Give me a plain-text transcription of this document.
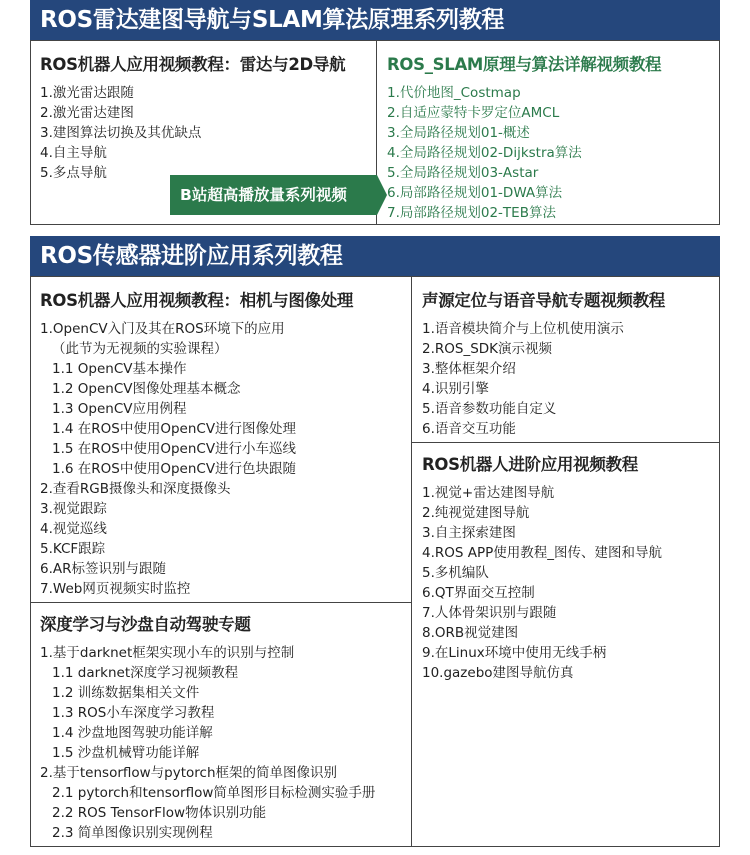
ROS雷达建图导航与SLAM算法原理系列教程
ROS机器人应用视频教程：雷达与2D导航
1.激光雷达跟随
2.激光雷达建图
3.建图算法切换及其优缺点
4.自主导航
5.多点导航
ROS_SLAM原理与算法详解视频教程
1.代价地图_Costmap
2.自适应蒙特卡罗定位AMCL
3.全局路径规划01-概述
4.全局路径规划02-Dijkstra算法
5.全局路径规划03-Astar
6.局部路径规划01-DWA算法
7.局部路径规划02-TEB算法
B站超高播放量系列视频
ROS传感器进阶应用系列教程
ROS机器人应用视频教程：相机与图像处理
1.OpenCV入门及其在ROS环境下的应用
（此节为无视频的实验课程）
1.1 OpenCV基本操作
1.2 OpenCV图像处理基本概念
1.3 OpenCV应用例程
1.4 在ROS中使用OpenCV进行图像处理
1.5 在ROS中使用OpenCV进行小车巡线
1.6 在ROS中使用OpenCV进行色块跟随
2.查看RGB摄像头和深度摄像头
3.视觉跟踪
4.视觉巡线
5.KCF跟踪
6.AR标签识别与跟随
7.Web网页视频实时监控
深度学习与沙盘自动驾驶专题
1.基于darknet框架实现小车的识别与控制
1.1 darknet深度学习视频教程
1.2 训练数据集相关文件
1.3 ROS小车深度学习教程
1.4 沙盘地图驾驶功能详解
1.5 沙盘机械臂功能详解
2.基于tensorflow与pytorch框架的简单图像识别
2.1 pytorch和tensorflow简单图形目标检测实验手册
2.2 ROS TensorFlow物体识别功能
2.3 简单图像识别实现例程
声源定位与语音导航专题视频教程
1.语音模块简介与上位机使用演示
2.ROS_SDK演示视频
3.整体框架介绍
4.识别引擎
5.语音参数功能自定义
6.语音交互功能
ROS机器人进阶应用视频教程
1.视觉+雷达建图导航
2.纯视觉建图导航
3.自主探索建图
4.ROS APP使用教程_图传、建图和导航
5.多机编队
6.QT界面交互控制
7.人体骨架识别与跟随
8.ORB视觉建图
9.在Linux环境中使用无线手柄
10.gazebo建图导航仿真
